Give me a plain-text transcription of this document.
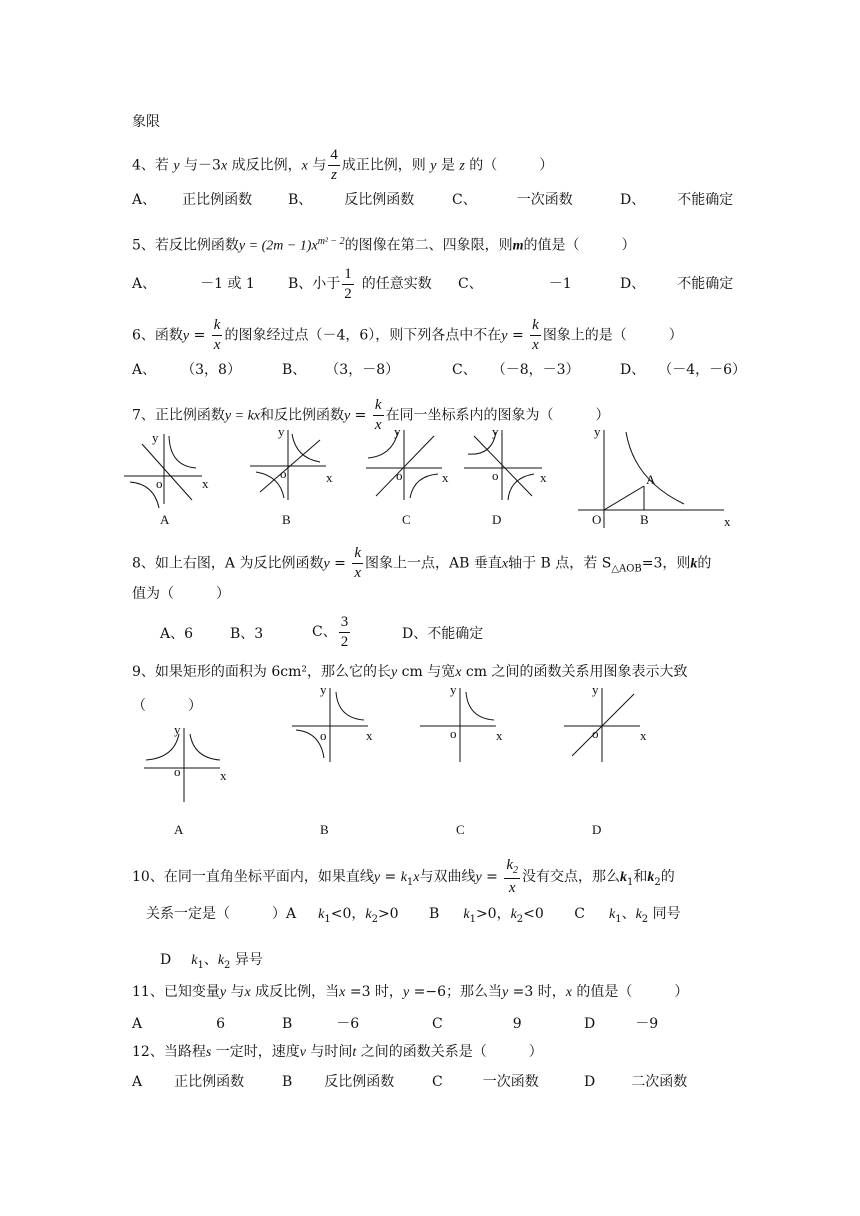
象限
4、若 y 与－3x 成反比例，x 与 $\frac{4}{z}$ 成正比例，则 y 是 z 的（　　　）
A、 正比例函数	B、 反比例函数	C、	一次函数	D、 不能确定
5、若反比例函数$y = (2m - 1)x^{m^2 - 2}$的图像在第二、四象限，则m的值是（　　　）
A、	－1 或 1 B、小于 $\frac{1}{2}$ 的任意实数 C、	－1	D、 不能确定
6、函数$y = \frac{k}{x}$ 的图象经过点（－4，6），则下列各点中不在$y = \frac{k}{x}$ 图象上的是（　　　）
A、 （3，8）	B、 （3，－8）	C、 （－8，－3）	D、 （－4，－6）
7、正比例函数y = kx和反比例函数$y = \frac{k}{x}$ 在同一坐标系内的图象为（　　　）
y
o	x
A
y
o	x
B
y
o	x
C
y
o	x
D
y
A
O	B	x
8、如上右图，A 为反比例函数$y = \frac{k}{x}$ 图象上一点，AB 垂直x轴于 B 点，若 $S_{\triangle AOB}=3$，则k的
值为（　　　）
A、6	B、3	C、 $\frac{3}{2}$	D、不能确定
9、如果矩形的面积为 6cm²，那么它的长y cm 与宽x cm 之间的函数关系用图象表示大致
（　　　）
y
o	x
A
y
o	x
B
y
o	x
C
y
o	x
D
10、在同一直角坐标平面内，如果直线$y = k_1x$与双曲线$y = \frac{k_2}{x}$ 没有交点，那么$k_1$和$k_2$的
关系一定是（　　　）A $k_1<0$，$k_2>0$ B $k_1>0$，$k_2<0$ C $k_1$、$k_2$ 同号
D $k_1$、$k_2$ 异号
11、已知变量y 与x 成反比例，当x =3 时，y =−6；那么当y =3 时，x 的值是（　　　）
A	6	B	－6	C	9	D	－9
12、当路程s 一定时，速度v 与时间t 之间的函数关系是（　　　）
A 正比例函数	B 反比例函数	C	一次函数	D	二次函数
